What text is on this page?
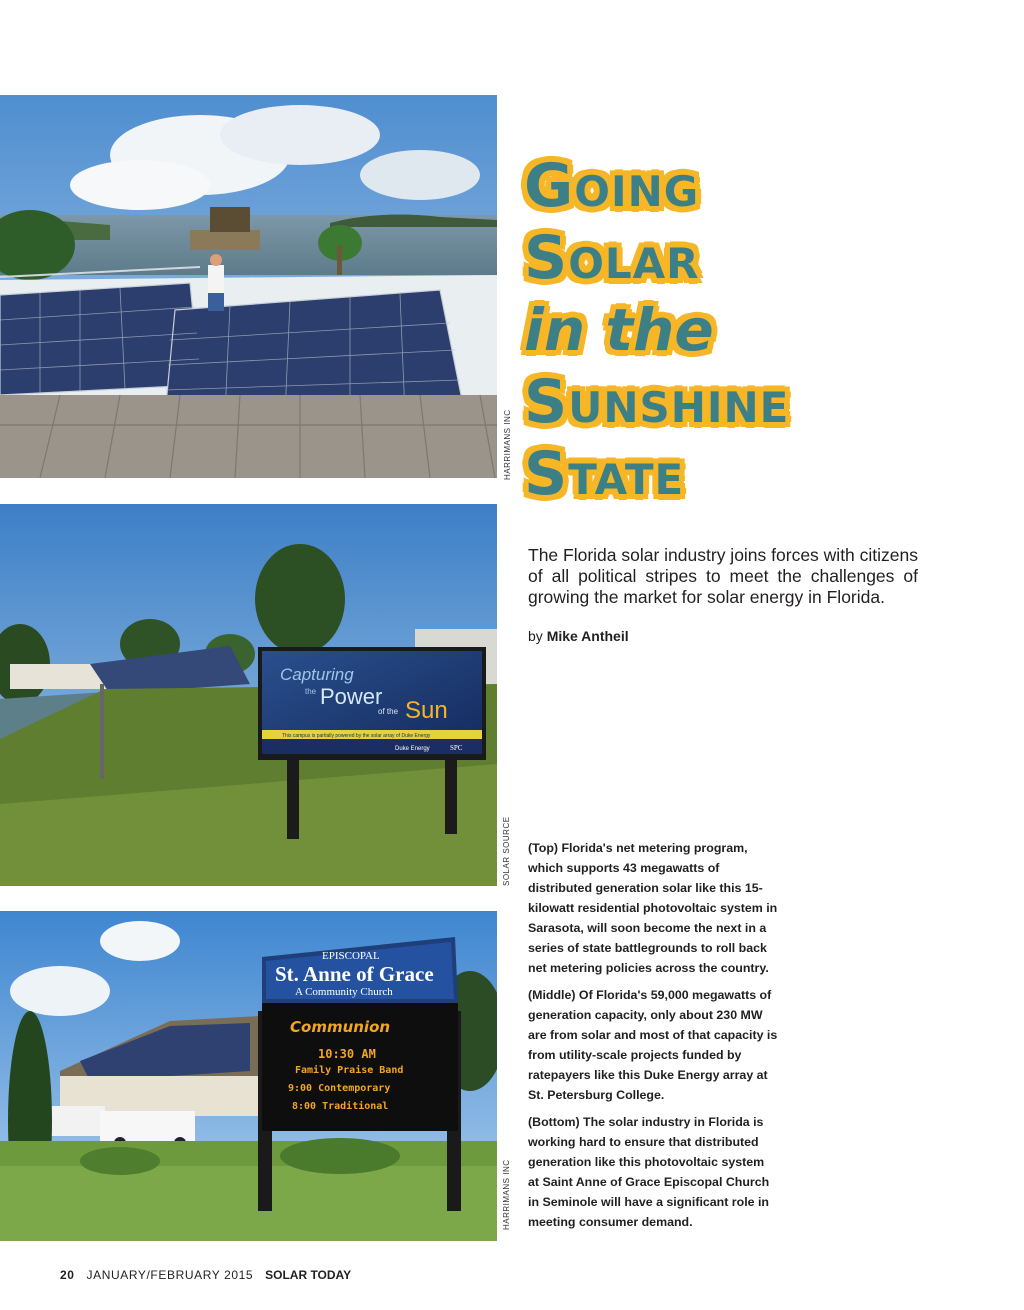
HARRIMANS INC
Capturing
the Power
of the Sun
This campus is partially powered by the solar array of Duke Energy
Duke Energy	SPC
SOLAR SOURCE
EPISCOPAL
St. Anne of Grace
A Community Church
Communion
10:30 AM
Family Praise Band
9:00 Contemporary
8:00 Traditional
HARRIMANS INC
Going
Solar
in the
Sunshine
State
The Florida solar industry joins forces with citizens of all political stripes to meet the challenges of growing the market for solar energy in Florida.
by Mike Antheil

(Top) Florida's net metering program, which supports 43 megawatts of distributed generation solar like this 15-kilowatt residential photovoltaic system in Sarasota, will soon become the next in a series of state battlegrounds to roll back net metering policies across the country.

(Middle) Of Florida's 59,000 megawatts of generation capacity, only about 230 MW are from solar and most of that capacity is from utility-scale projects funded by ratepayers like this Duke Energy array at St. Petersburg College.

(Bottom) The solar industry in Florida is working hard to ensure that distributed generation like this photovoltaic system at Saint Anne of Grace Episcopal Church in Seminole will have a significant role in meeting consumer demand.

20 JANUARY/FEBRUARY 2015 SOLAR TODAY
